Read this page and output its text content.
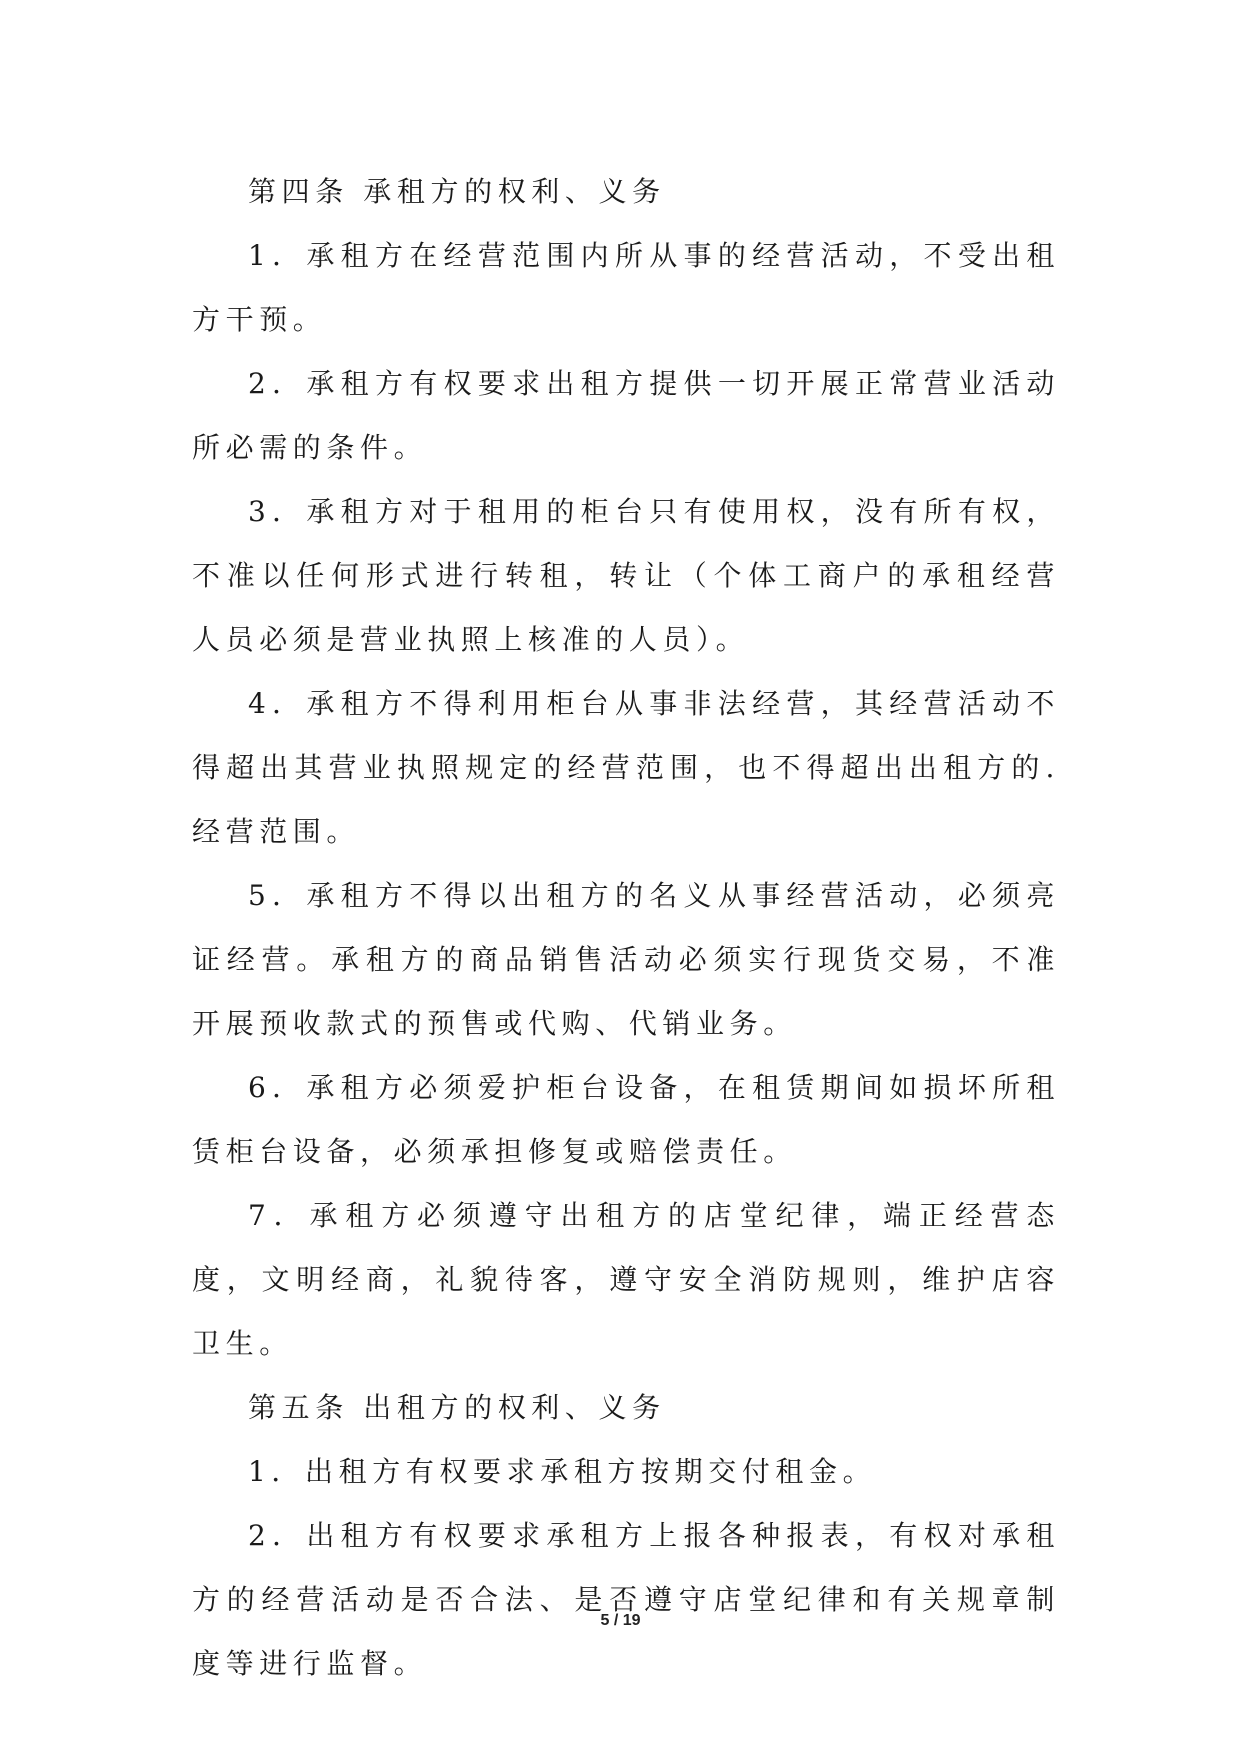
第四条 承租方的权利、义务

1．承租方在经营范围内所从事的经营活动，不受出租方干预。

2．承租方有权要求出租方提供一切开展正常营业活动所必需的条件。

3．承租方对于租用的柜台只有使用权，没有所有权，不准以任何形式进行转租，转让（个体工商户的承租经营人员必须是营业执照上核准的人员）。

4．承租方不得利用柜台从事非法经营，其经营活动不得超出其营业执照规定的经营范围，也不得超出出租方的.经营范围。

5．承租方不得以出租方的名义从事经营活动，必须亮证经营。承租方的商品销售活动必须实行现货交易，不准开展预收款式的预售或代购、代销业务。

6．承租方必须爱护柜台设备，在租赁期间如损坏所租赁柜台设备，必须承担修复或赔偿责任。

7．承租方必须遵守出租方的店堂纪律，端正经营态度，文明经商，礼貌待客，遵守安全消防规则，维护店容卫生。

第五条 出租方的权利、义务

1．出租方有权要求承租方按期交付租金。

2．出租方有权要求承租方上报各种报表，有权对承租方的经营活动是否合法、是否遵守店堂纪律和有关规章制度等进行监督。

5 / 19
